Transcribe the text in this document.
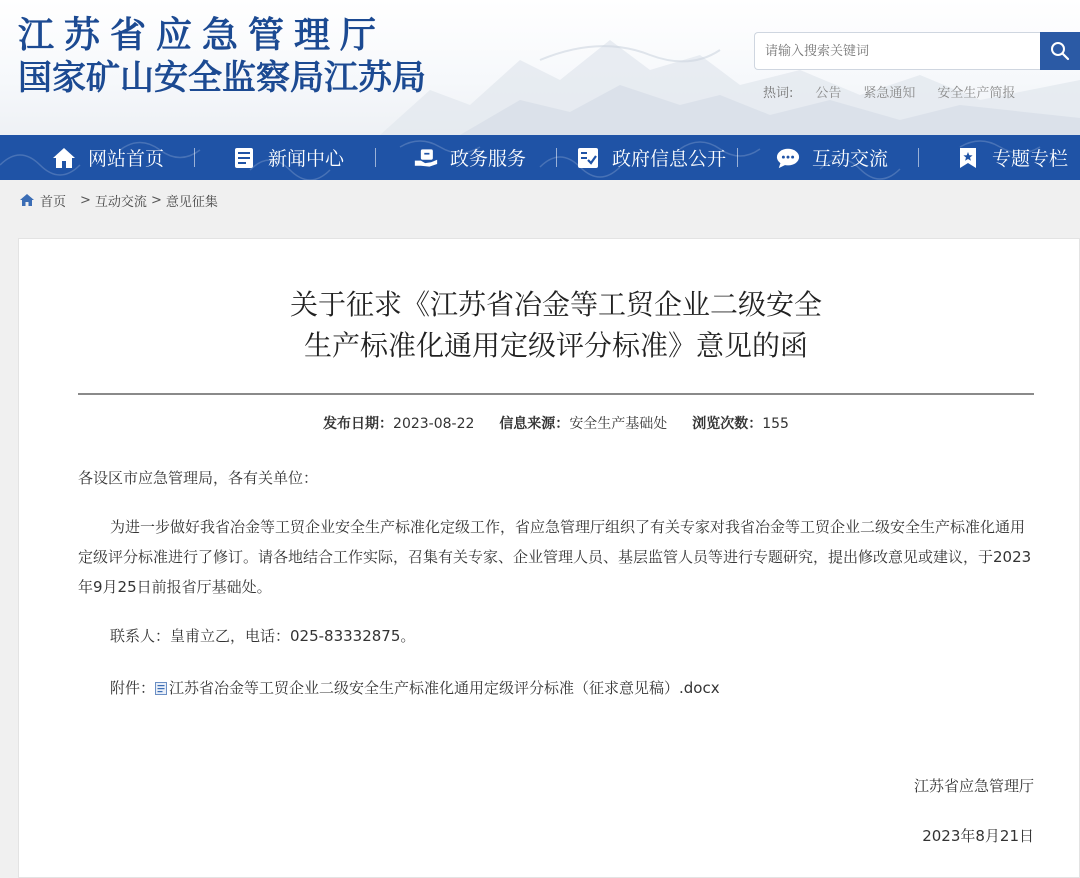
江苏省应急管理厅
国家矿山安全监察局江苏局
请输入搜索关键词	热词: 公告 紧急通知 安全生产简报
网站首页	新闻中心	政务服务	政府信息公开	互动交流	专题专栏
首页 > 互动交流 > 意见征集
关于征求《江苏省冶金等工贸企业二级安全
生产标准化通用定级评分标准》意见的函
发布日期：2023-08-22 信息来源：安全生产基础处 浏览次数：155
各设区市应急管理局，各有关单位：
为进一步做好我省冶金等工贸企业安全生产标准化定级工作，省应急管理厅组织了有关专家对我省冶金等工贸企业二级安全生产标准化通用定级评分标准进行了修订。请各地结合工作实际，召集有关专家、企业管理人员、基层监管人员等进行专题研究，提出修改意见或建议，于2023年9月25日前报省厅基础处。
联系人：皇甫立乙，电话：025-83332875。
附件： 江苏省冶金等工贸企业二级安全生产标准化通用定级评分标准（征求意见稿）.docx
江苏省应急管理厅
2023年8月21日
